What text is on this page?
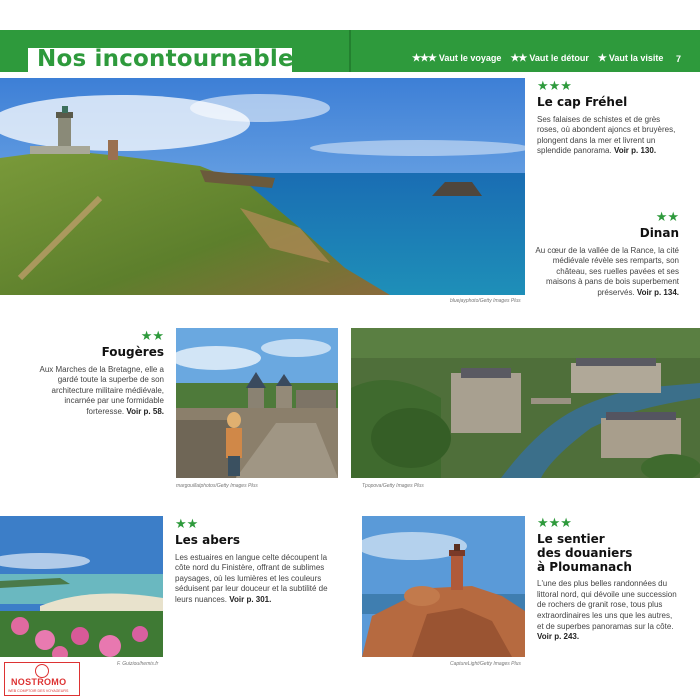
Nos incontournables	★★★ Vaut le voyage ★★ Vaut le détour ★ Vaut la visite 7
bluejayphoto/Getty Images Plus
★★★
Le cap Fréhel
Ses falaises de schistes et de grès roses, où abondent ajoncs et bruyères, plongent dans la mer et livrent un splendide panorama. Voir p. 130.
★★
Dinan
Au cœur de la vallée de la Rance, la cité médiévale révèle ses remparts, son château, ses ruelles pavées et ses maisons à pans de bois superbement préservés. Voir p. 134.
★★
Fougères
Aux Marches de la Bretagne, elle a gardé toute la superbe de son architecture militaire médiévale, incarnée par une formidable forteresse. Voir p. 58.
margouillatphotos/Getty Images Plus	Tpopova/Getty Images Plus
F. Guiziou/hemis.fr
★★
Les abers
Les estuaires en langue celte découpent la côte nord du Finistère, offrant de sublimes paysages, où les lumières et les couleurs séduisent par leur douceur et la subtilité de leurs nuances. Voir p. 301.
CaptureLight/Getty Images Plus
★★★
Le sentier
des douaniers
à Ploumanach
L'une des plus belles randonnées du littoral nord, qui dévoile une succession de rochers de granit rose, tous plus extraordinaires les uns que les autres, et de superbes panoramas sur la côte. Voir p. 243.
NOSTROMO
WEB COMPTOIR DES VOYAGEURS
